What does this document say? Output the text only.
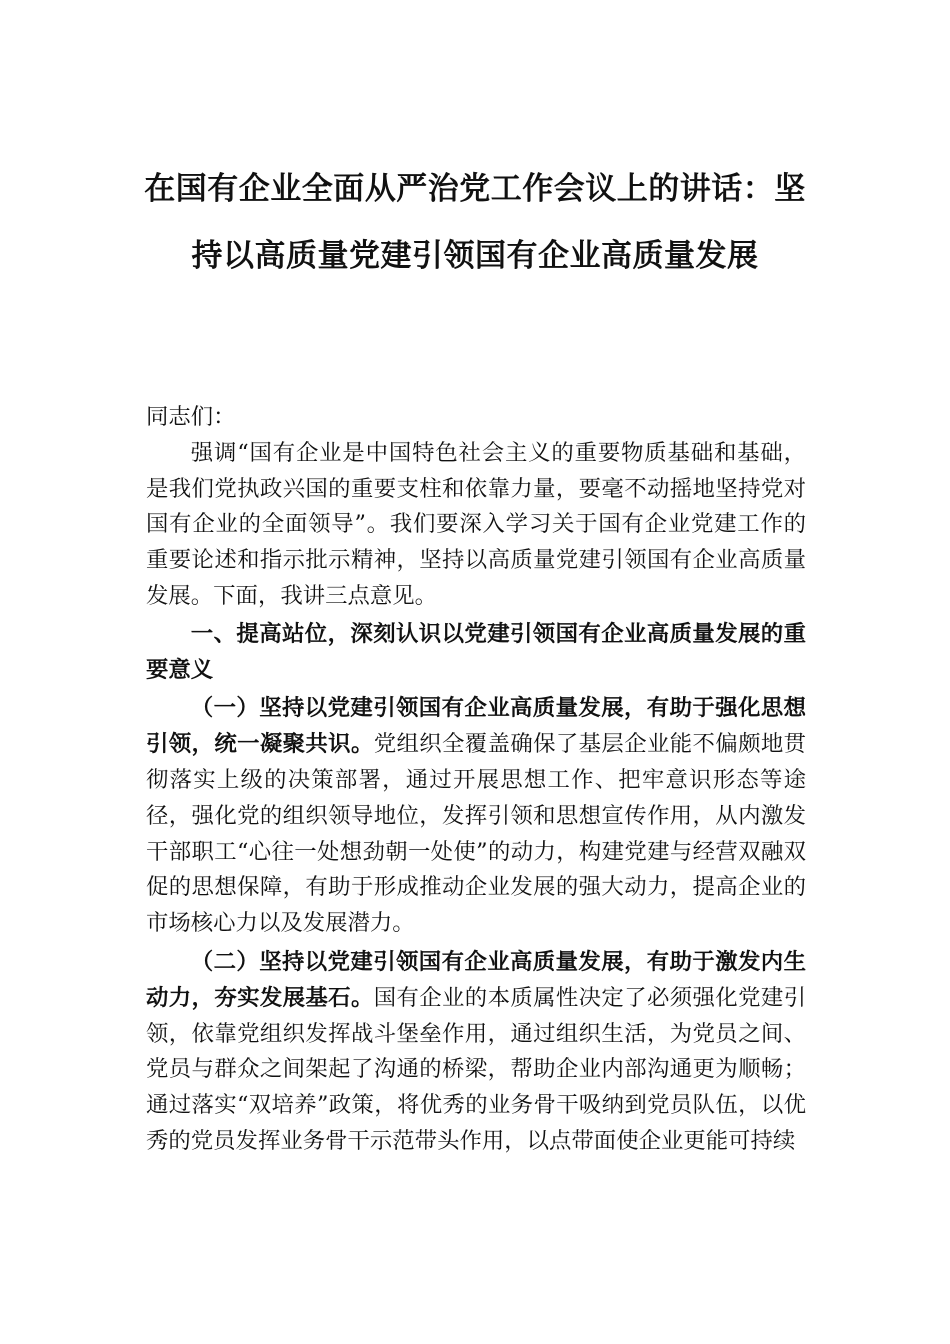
在国有企业全面从严治党工作会议上的讲话：坚持以高质量党建引领国有企业高质量发展

同志们：

强调“国有企业是中国特色社会主义的重要物质基础和基础，是我们党执政兴国的重要支柱和依靠力量，要毫不动摇地坚持党对国有企业的全面领导”。我们要深入学习关于国有企业党建工作的重要论述和指示批示精神，坚持以高质量党建引领国有企业高质量发展。下面，我讲三点意见。

一、提高站位，深刻认识以党建引领国有企业高质量发展的重要意义

（一）坚持以党建引领国有企业高质量发展，有助于强化思想引领，统一凝聚共识。党组织全覆盖确保了基层企业能不偏颇地贯彻落实上级的决策部署，通过开展思想工作、把牢意识形态等途径，强化党的组织领导地位，发挥引领和思想宣传作用，从内激发干部职工“心往一处想劲朝一处使”的动力，构建党建与经营双融双促的思想保障，有助于形成推动企业发展的强大动力，提高企业的市场核心力以及发展潜力。

（二）坚持以党建引领国有企业高质量发展，有助于激发内生动力，夯实发展基石。国有企业的本质属性决定了必须强化党建引领，依靠党组织发挥战斗堡垒作用，通过组织生活，为党员之间、党员与群众之间架起了沟通的桥梁，帮助企业内部沟通更为顺畅；通过落实“双培养”政策，将优秀的业务骨干吸纳到党员队伍，以优秀的党员发挥业务骨干示范带头作用，以点带面使企业更能可持续
